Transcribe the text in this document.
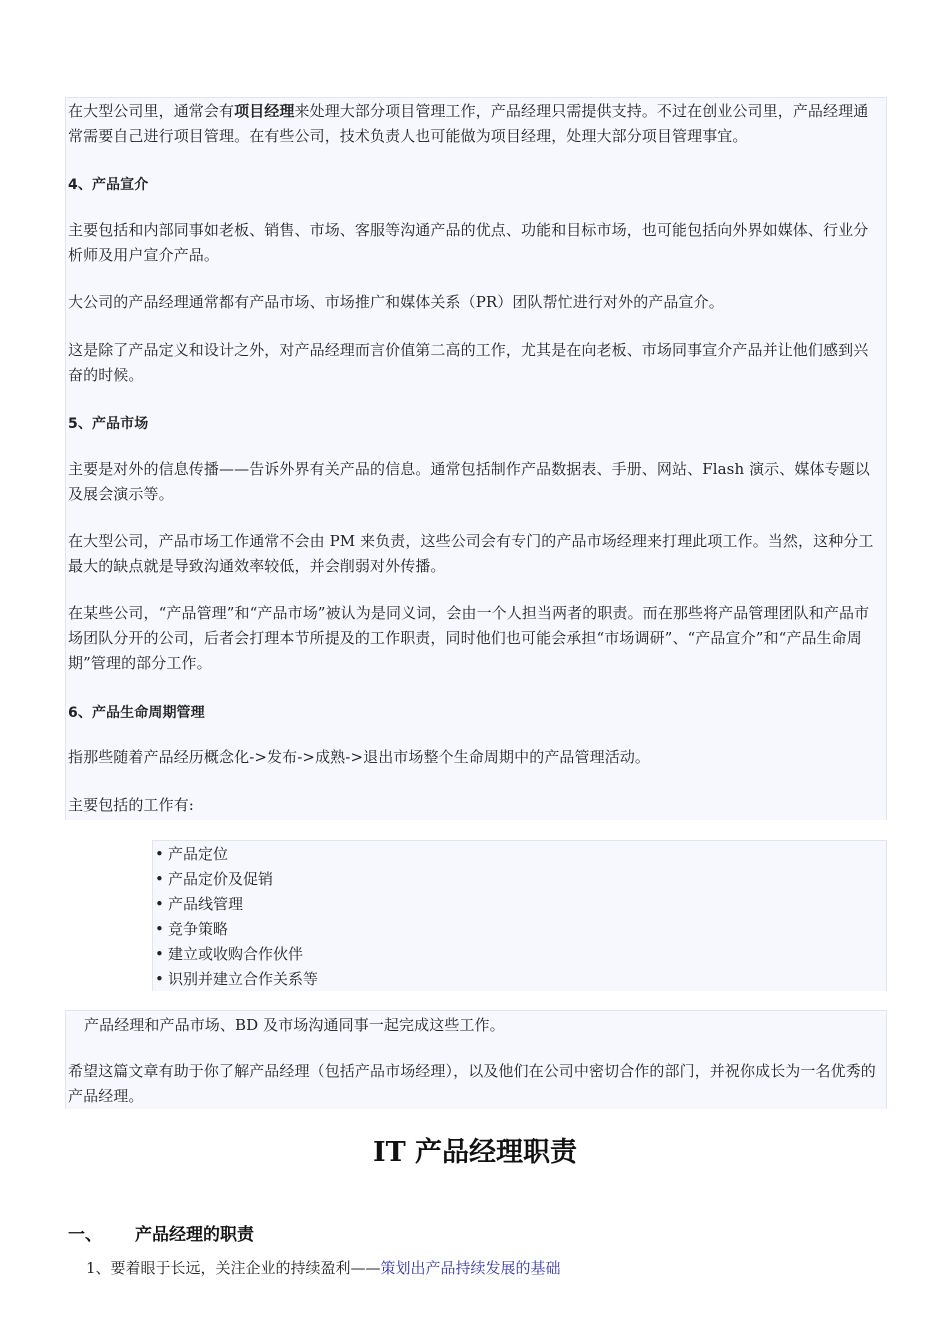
在大型公司里，通常会有项目经理来处理大部分项目管理工作，产品经理只需提供支持。不过在创业公司里，产品经理通常需要自己进行项目管理。在有些公司，技术负责人也可能做为项目经理，处理大部分项目管理事宜。

4、产品宣介

主要包括和内部同事如老板、销售、市场、客服等沟通产品的优点、功能和目标市场，也可能包括向外界如媒体、行业分析师及用户宣介产品。

大公司的产品经理通常都有产品市场、市场推广和媒体关系（PR）团队帮忙进行对外的产品宣介。

这是除了产品定义和设计之外，对产品经理而言价值第二高的工作，尤其是在向老板、市场同事宣介产品并让他们感到兴奋的时候。

5、产品市场

主要是对外的信息传播——告诉外界有关产品的信息。通常包括制作产品数据表、手册、网站、Flash 演示、媒体专题以及展会演示等。

在大型公司，产品市场工作通常不会由 PM 来负责，这些公司会有专门的产品市场经理来打理此项工作。当然，这种分工最大的缺点就是导致沟通效率较低，并会削弱对外传播。

在某些公司，“产品管理”和“产品市场”被认为是同义词，会由一个人担当两者的职责。而在那些将产品管理团队和产品市场团队分开的公司，后者会打理本节所提及的工作职责，同时他们也可能会承担“市场调研”、“产品宣介”和“产品生命周期”管理的部分工作。

6、产品生命周期管理

指那些随着产品经历概念化->发布->成熟->退出市场整个生命周期中的产品管理活动。

主要包括的工作有:

• 产品定位
• 产品定价及促销
• 产品线管理
• 竞争策略
• 建立或收购合作伙伴
• 识别并建立合作关系等

产品经理和产品市场、BD 及市场沟通同事一起完成这些工作。

希望这篇文章有助于你了解产品经理（包括产品市场经理），以及他们在公司中密切合作的部门，并祝你成长为一名优秀的产品经理。

IT 产品经理职责

一、 产品经理的职责

1、要着眼于长远，关注企业的持续盈利——策划出产品持续发展的基础
